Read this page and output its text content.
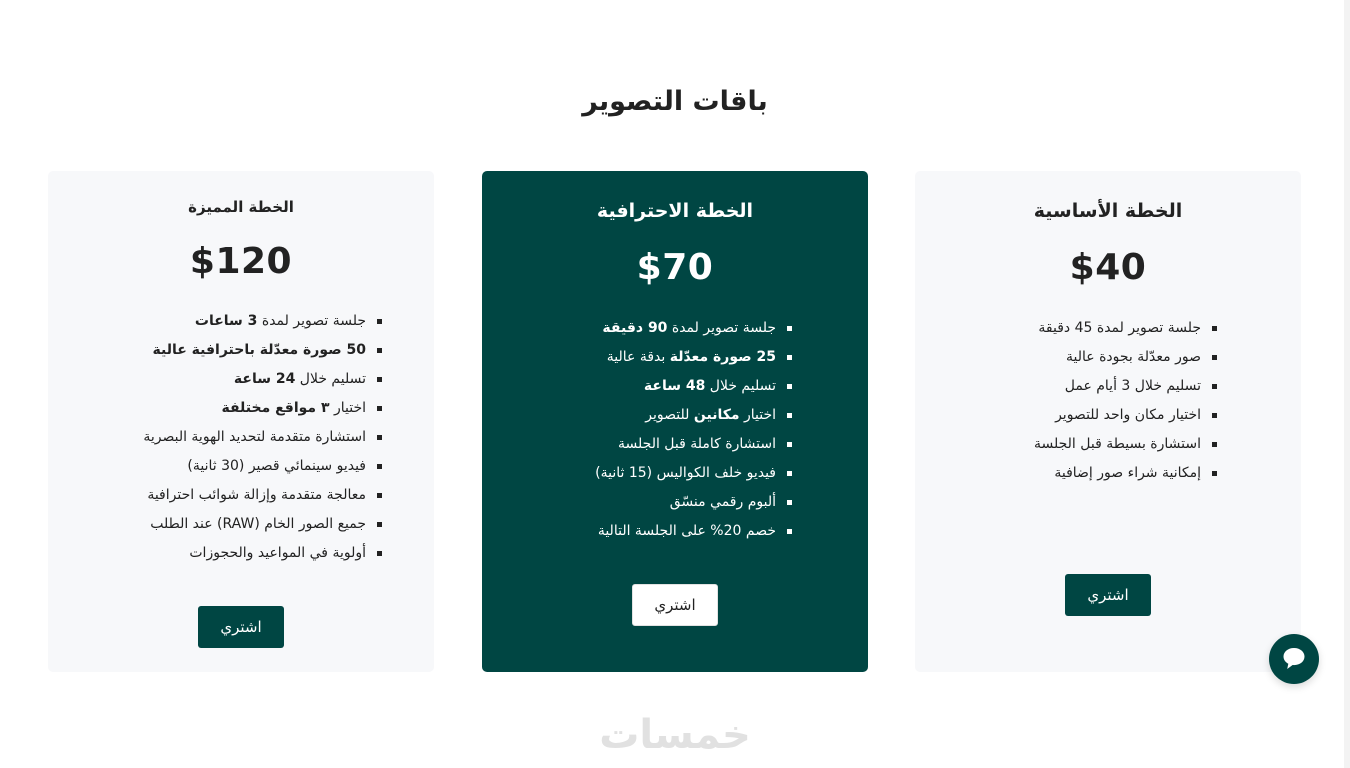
باقات التصوير
الخطة المميزة
$120
جلسة تصوير لمدة 3 ساعات
50 صورة معدّلة باحترافية عالية
تسليم خلال 24 ساعة
اختيار ٣ مواقع مختلفة
استشارة متقدمة لتحديد الهوية البصرية
فيديو سينمائي قصير (30 ثانية)
معالجة متقدمة وإزالة شوائب احترافية
جميع الصور الخام (RAW) عند الطلب
أولوية في المواعيد والحجوزات
اشتري
الخطة الاحترافية
$70
جلسة تصوير لمدة 90 دقيقة
25 صورة معدّلة بدقة عالية
تسليم خلال 48 ساعة
اختيار مكانين للتصوير
استشارة كاملة قبل الجلسة
فيديو خلف الكواليس (15 ثانية)
ألبوم رقمي منسّق
خصم 20% على الجلسة التالية
اشتري
الخطة الأساسية
$40
جلسة تصوير لمدة 45 دقيقة
صور معدّلة بجودة عالية
تسليم خلال 3 أيام عمل
اختيار مكان واحد للتصوير
استشارة بسيطة قبل الجلسة
إمكانية شراء صور إضافية
اشتري
خمسات
